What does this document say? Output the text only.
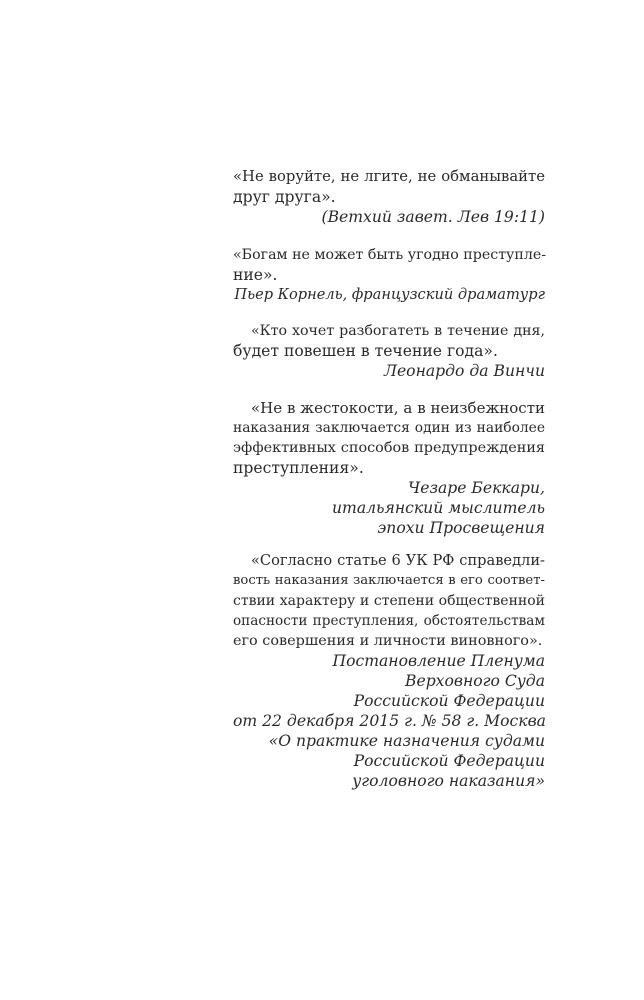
«Не воруйте, не лгите, не обманывайте
друг друга».
(Ветхий завет. Лев 19:11)
«Богам не может быть угодно преступле-
ние».
Пьер Корнель, французский драматург
«Кто хочет разбогатеть в течение дня,
будет повешен в течение года».
Леонардо да Винчи
«Не в жестокости, а в неизбежности
наказания заключается один из наиболее
эффективных способов предупреждения
преступления».
Чезаре Беккари,
итальянский мыслитель
эпохи Просвещения
«Согласно статье 6 УК РФ справедли-
вость наказания заключается в его соответ-
ствии характеру и степени общественной
опасности преступления, обстоятельствам
его совершения и личности виновного».
Постановление Пленума
Верховного Суда
Российской Федерации
от 22 декабря 2015 г. № 58 г. Москва
«О практике назначения судами
Российской Федерации
уголовного наказания»
